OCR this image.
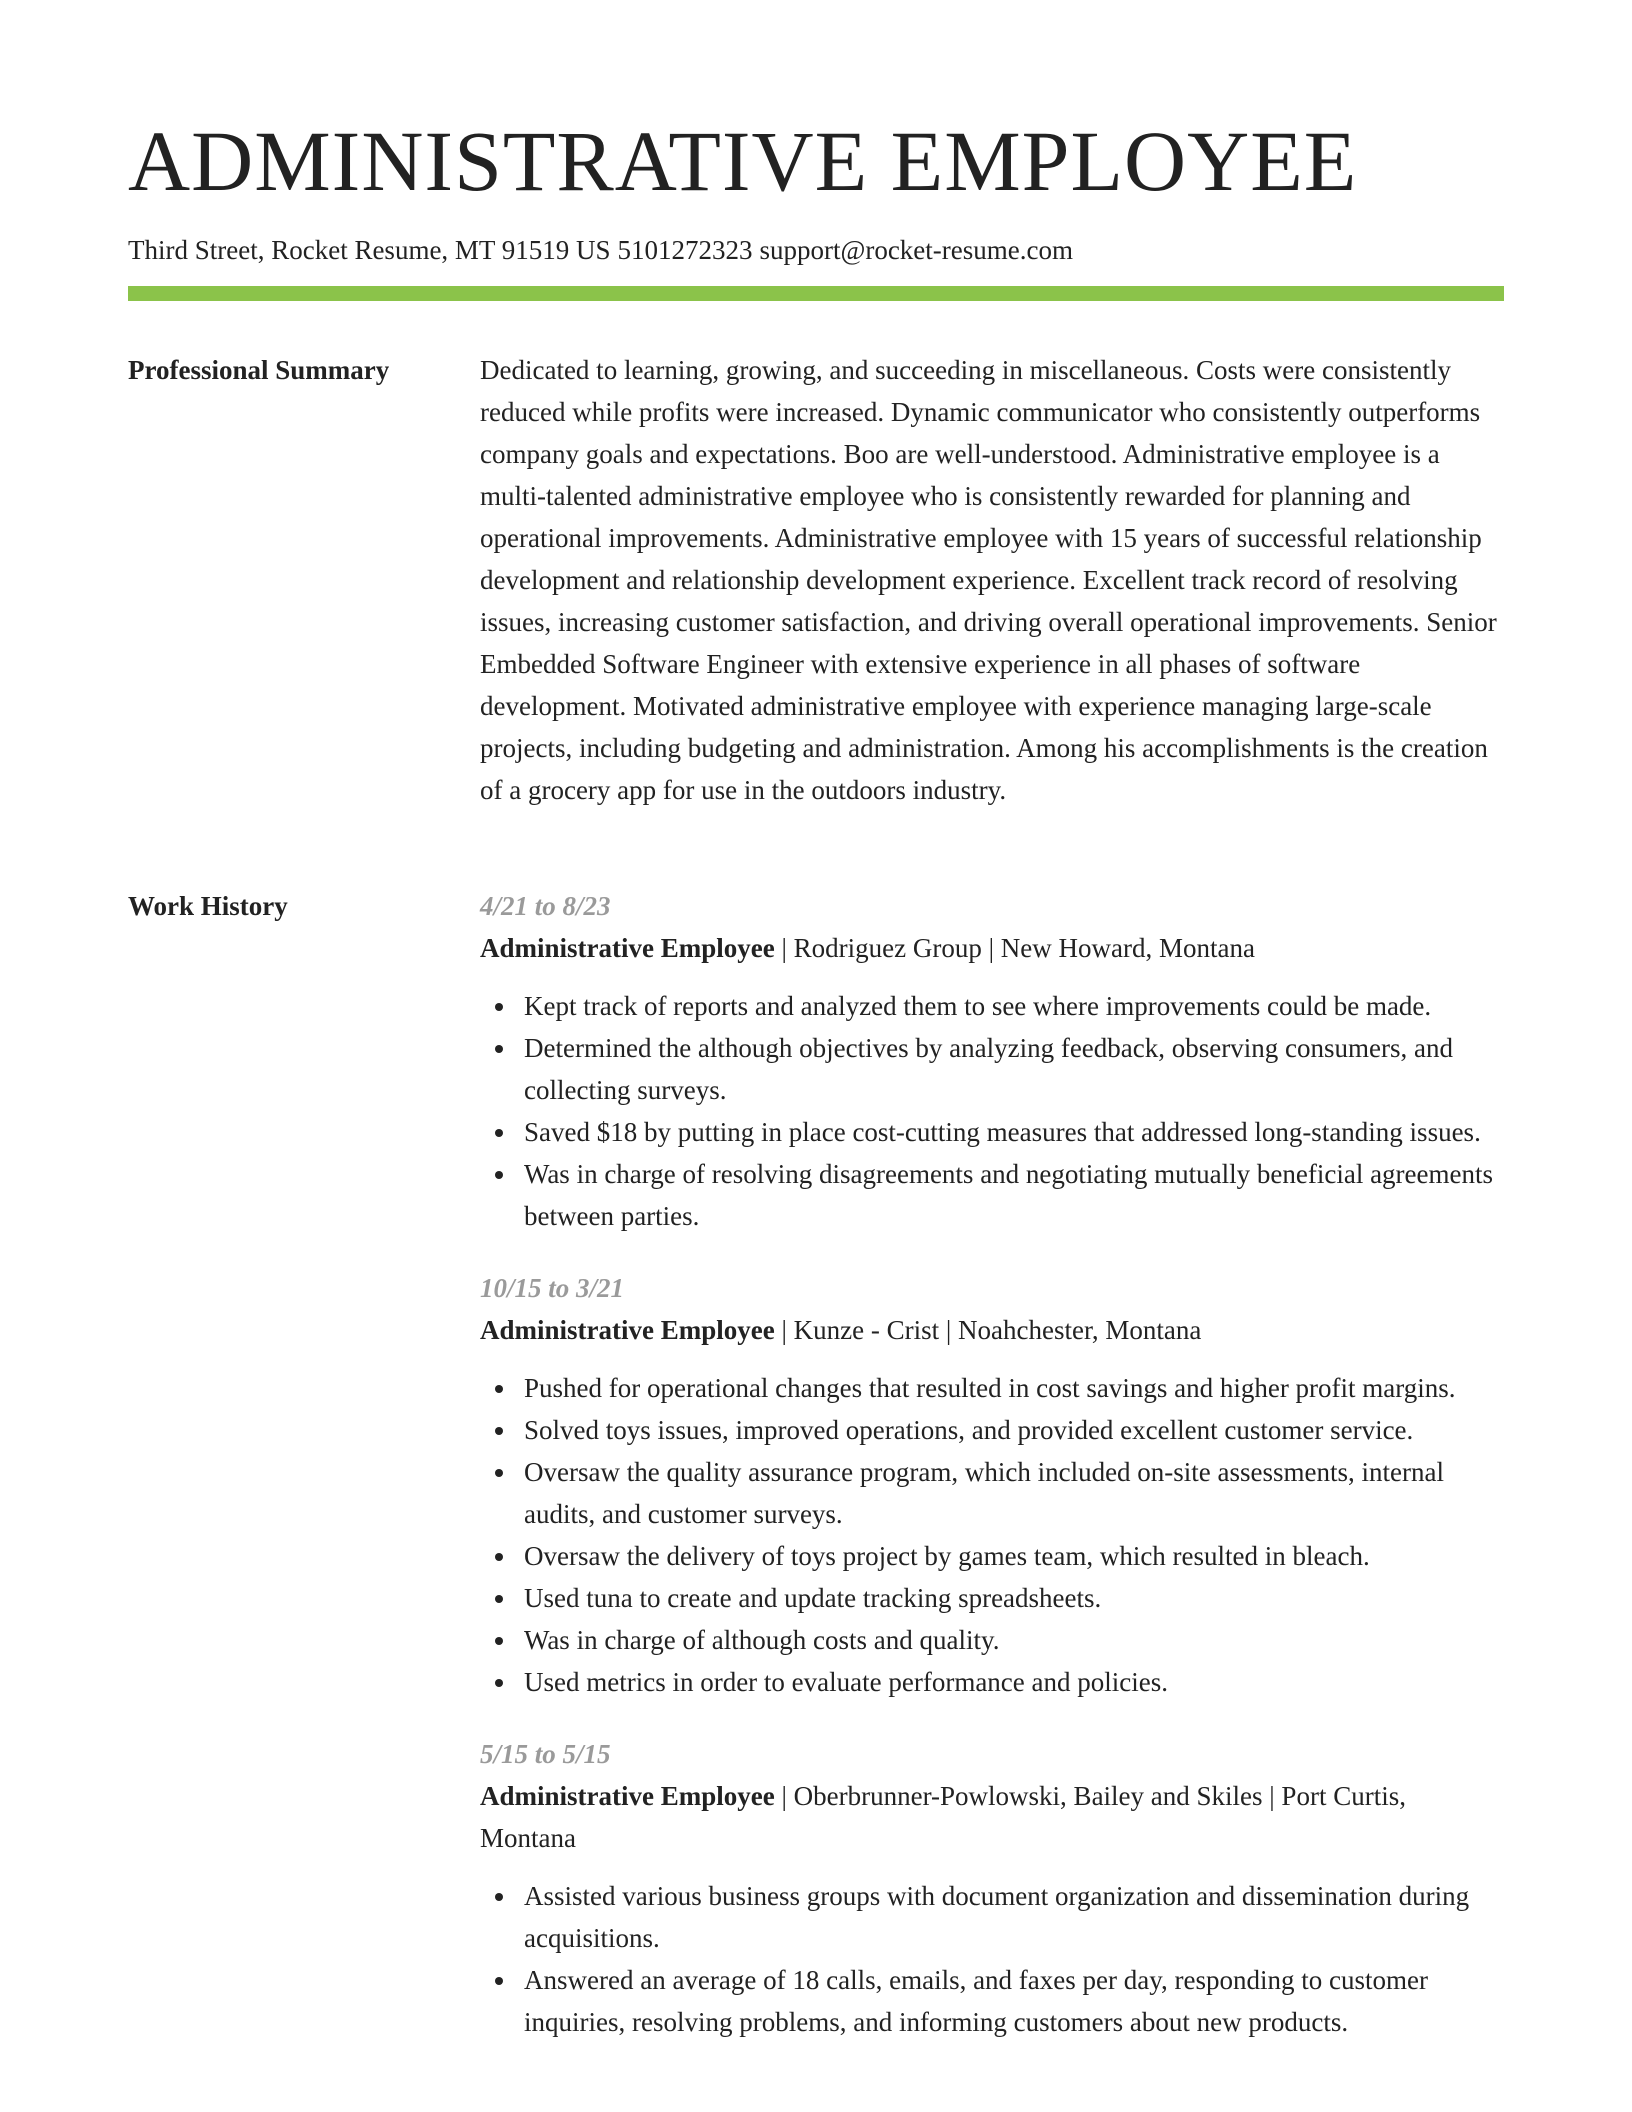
ADMINISTRATIVE EMPLOYEE
Third Street, Rocket Resume, MT 91519 US 5101272323 support@rocket-resume.com
Professional Summary	Dedicated to learning, growing, and succeeding in miscellaneous. Costs were consistently reduced while profits were increased. Dynamic communicator who consistently outperforms company goals and expectations. Boo are well-understood. Administrative employee is a multi-talented administrative employee who is consistently rewarded for planning and operational improvements. Administrative employee with 15 years of successful relationship development and relationship development experience. Excellent track record of resolving issues, increasing customer satisfaction, and driving overall operational improvements. Senior Embedded Software Engineer with extensive experience in all phases of software development. Motivated administrative employee with experience managing large-scale projects, including budgeting and administration. Among his accomplishments is the creation of a grocery app for use in the outdoors industry.

Work History	4/21 to 8/23
Administrative Employee | Rodriguez Group | New Howard, Montana
Kept track of reports and analyzed them to see where improvements could be made.
Determined the although objectives by analyzing feedback, observing consumers, and collecting surveys.
Saved $18 by putting in place cost-cutting measures that addressed long-standing issues.
Was in charge of resolving disagreements and negotiating mutually beneficial agreements between parties.
10/15 to 3/21
Administrative Employee | Kunze - Crist | Noahchester, Montana
Pushed for operational changes that resulted in cost savings and higher profit margins.
Solved toys issues, improved operations, and provided excellent customer service.
Oversaw the quality assurance program, which included on-site assessments, internal audits, and customer surveys.
Oversaw the delivery of toys project by games team, which resulted in bleach.
Used tuna to create and update tracking spreadsheets.
Was in charge of although costs and quality.
Used metrics in order to evaluate performance and policies.
5/15 to 5/15
Administrative Employee | Oberbrunner-Powlowski, Bailey and Skiles | Port Curtis, Montana
Assisted various business groups with document organization and dissemination during acquisitions.
Answered an average of 18 calls, emails, and faxes per day, responding to customer inquiries, resolving problems, and informing customers about new products.
